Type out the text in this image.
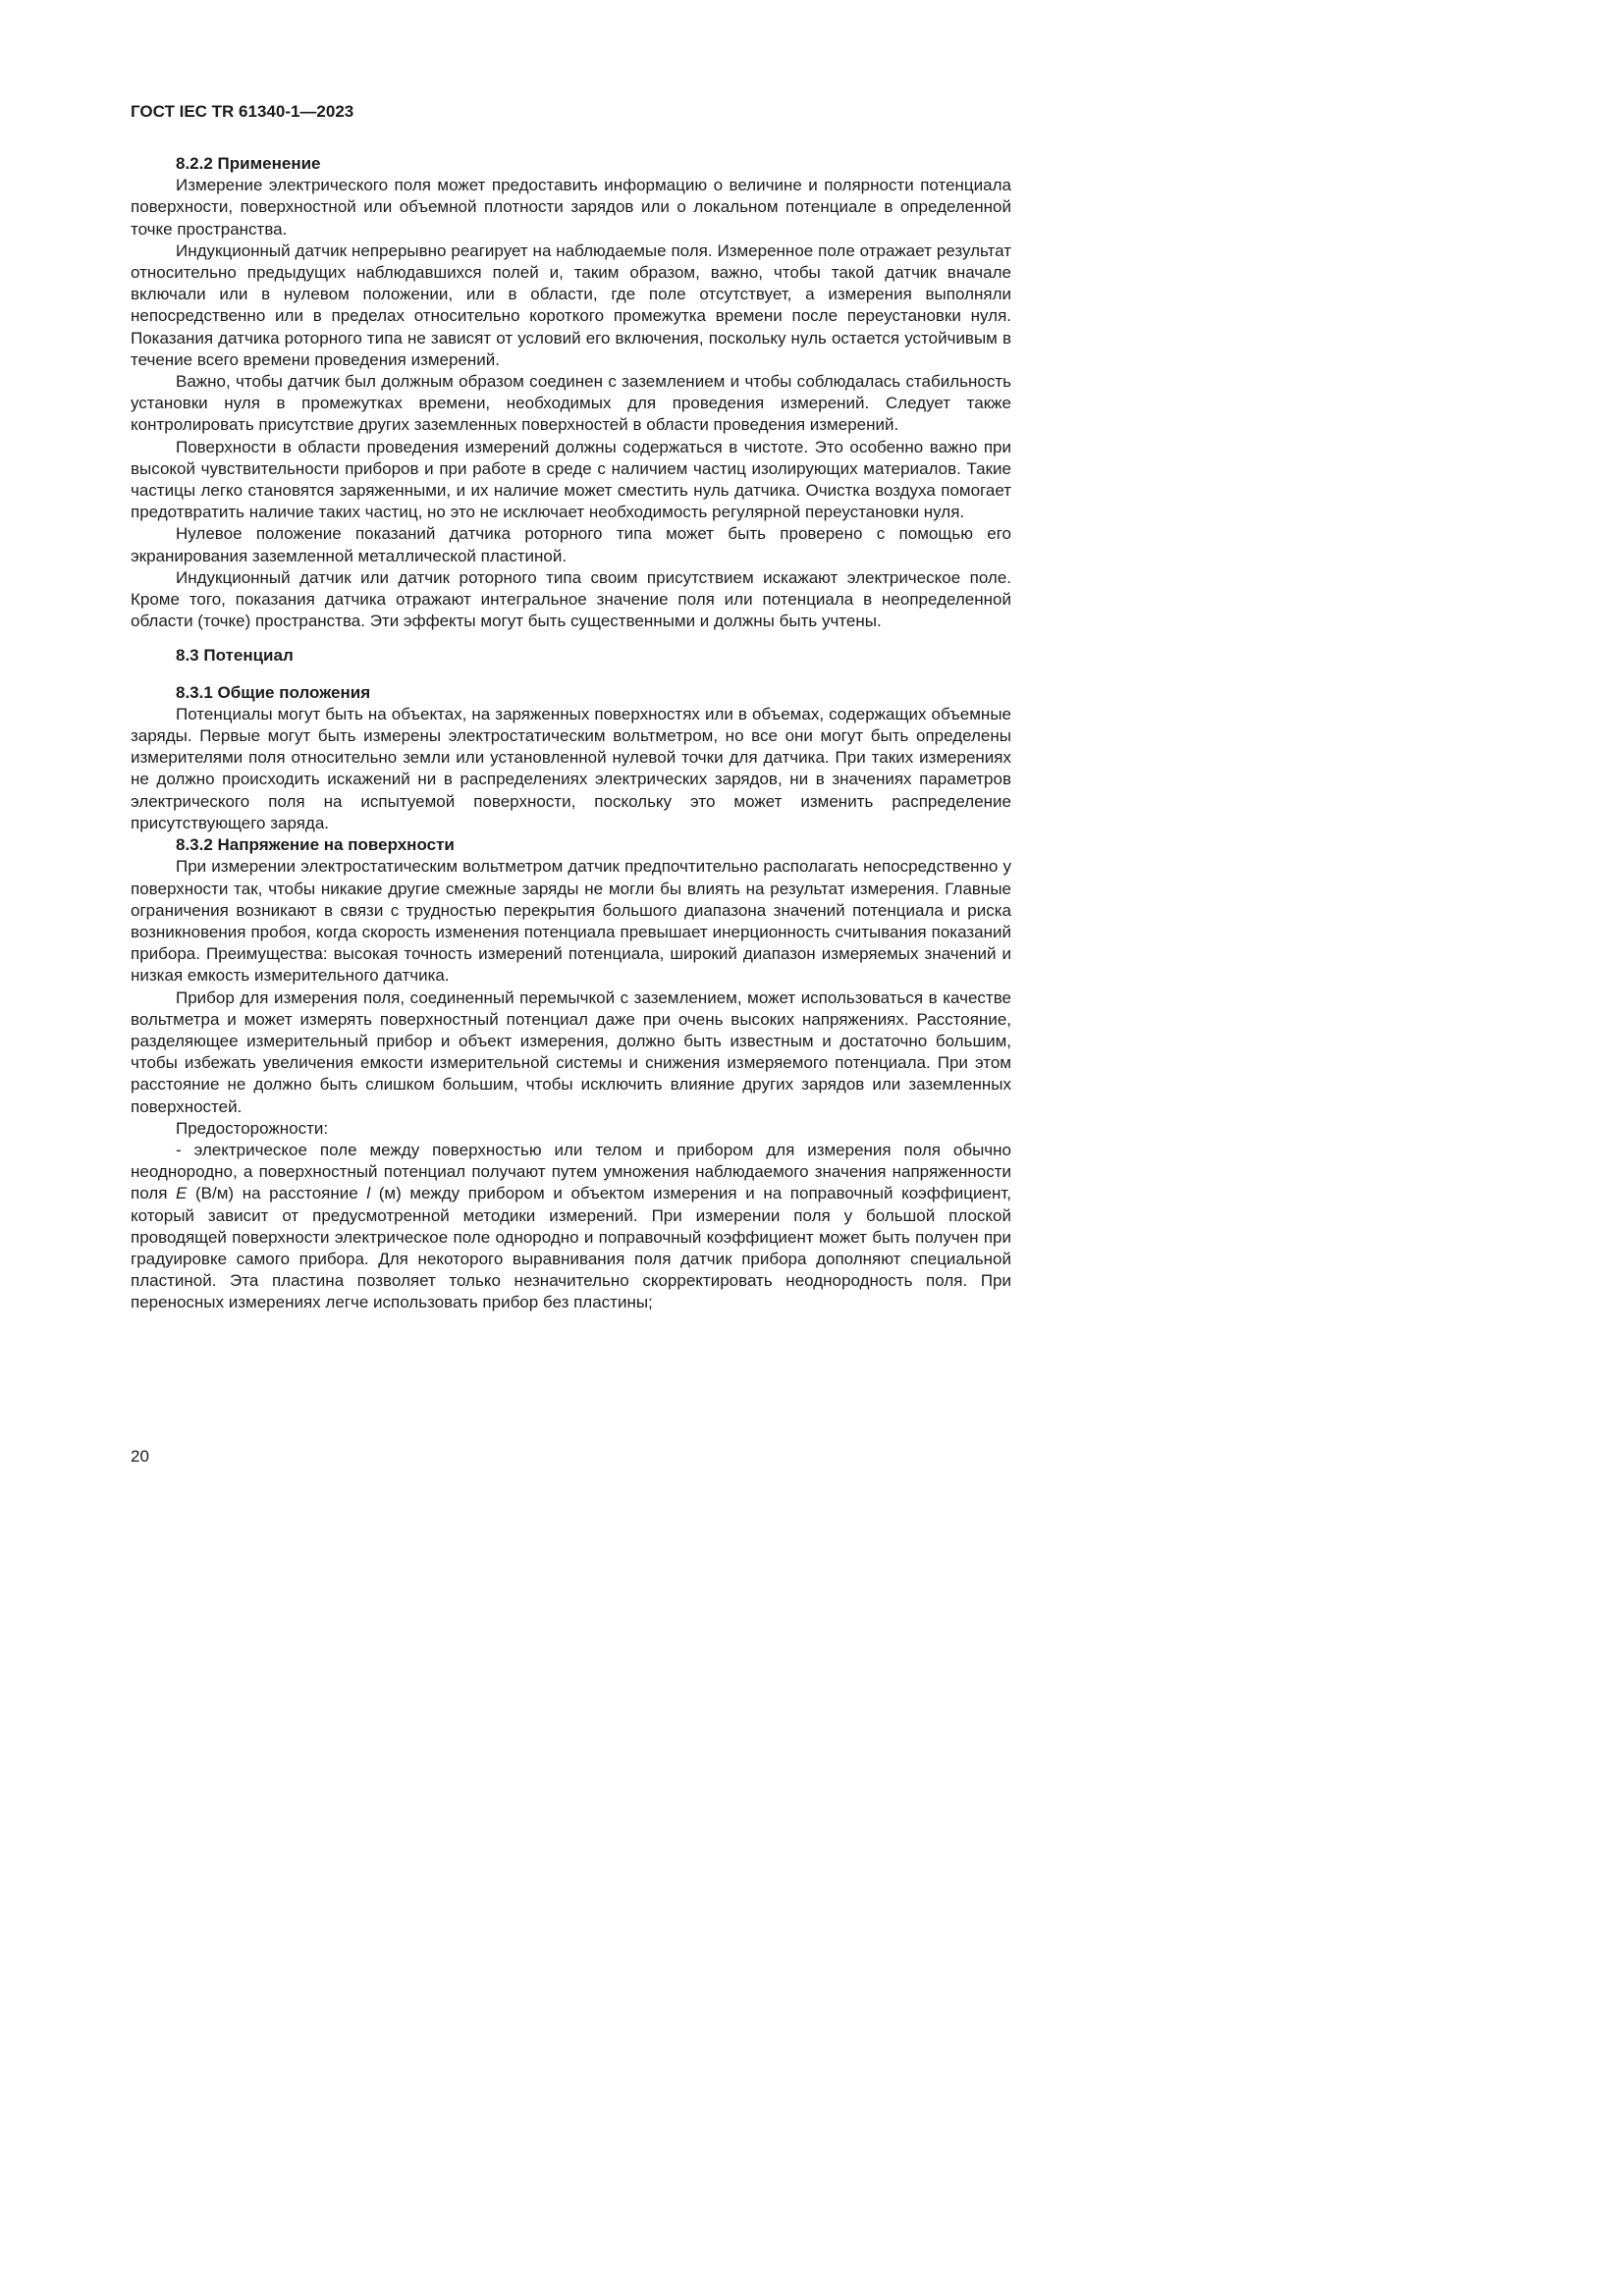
ГОСТ IEC TR 61340-1—2023

8.2.2 Применение

Измерение электрического поля может предоставить информацию о величине и полярности потенциала поверхности, поверхностной или объемной плотности зарядов или о локальном потенциале в определенной точке пространства.

Индукционный датчик непрерывно реагирует на наблюдаемые поля. Измеренное поле отражает результат относительно предыдущих наблюдавшихся полей и, таким образом, важно, чтобы такой датчик вначале включали или в нулевом положении, или в области, где поле отсутствует, а измерения выполняли непосредственно или в пределах относительно короткого промежутка времени после переустановки нуля. Показания датчика роторного типа не зависят от условий его включения, поскольку нуль остается устойчивым в течение всего времени проведения измерений.

Важно, чтобы датчик был должным образом соединен с заземлением и чтобы соблюдалась стабильность установки нуля в промежутках времени, необходимых для проведения измерений. Следует также контролировать присутствие других заземленных поверхностей в области проведения измерений.

Поверхности в области проведения измерений должны содержаться в чистоте. Это особенно важно при высокой чувствительности приборов и при работе в среде с наличием частиц изолирующих материалов. Такие частицы легко становятся заряженными, и их наличие может сместить нуль датчика. Очистка воздуха помогает предотвратить наличие таких частиц, но это не исключает необходимость регулярной переустановки нуля.

Нулевое положение показаний датчика роторного типа может быть проверено с помощью его экранирования заземленной металлической пластиной.

Индукционный датчик или датчик роторного типа своим присутствием искажают электрическое поле. Кроме того, показания датчика отражают интегральное значение поля или потенциала в неопределенной области (точке) пространства. Эти эффекты могут быть существенными и должны быть учтены.

8.3 Потенциал

8.3.1 Общие положения

Потенциалы могут быть на объектах, на заряженных поверхностях или в объемах, содержащих объемные заряды. Первые могут быть измерены электростатическим вольтметром, но все они могут быть определены измерителями поля относительно земли или установленной нулевой точки для датчика. При таких измерениях не должно происходить искажений ни в распределениях электрических зарядов, ни в значениях параметров электрического поля на испытуемой поверхности, поскольку это может изменить распределение присутствующего заряда.

8.3.2 Напряжение на поверхности

При измерении электростатическим вольтметром датчик предпочтительно располагать непосредственно у поверхности так, чтобы никакие другие смежные заряды не могли бы влиять на результат измерения. Главные ограничения возникают в связи с трудностью перекрытия большого диапазона значений потенциала и риска возникновения пробоя, когда скорость изменения потенциала превышает инерционность считывания показаний прибора. Преимущества: высокая точность измерений потенциала, широкий диапазон измеряемых значений и низкая емкость измерительного датчика.

Прибор для измерения поля, соединенный перемычкой с заземлением, может использоваться в качестве вольтметра и может измерять поверхностный потенциал даже при очень высоких напряжениях. Расстояние, разделяющее измерительный прибор и объект измерения, должно быть известным и достаточно большим, чтобы избежать увеличения емкости измерительной системы и снижения измеряемого потенциала. При этом расстояние не должно быть слишком большим, чтобы исключить влияние других зарядов или заземленных поверхностей.

Предосторожности:

- электрическое поле между поверхностью или телом и прибором для измерения поля обычно неоднородно, а поверхностный потенциал получают путем умножения наблюдаемого значения напряженности поля E (В/м) на расстояние l (м) между прибором и объектом измерения и на поправочный коэффициент, который зависит от предусмотренной методики измерений. При измерении поля у большой плоской проводящей поверхности электрическое поле однородно и поправочный коэффициент может быть получен при градуировке самого прибора. Для некоторого выравнивания поля датчик прибора дополняют специальной пластиной. Эта пластина позволяет только незначительно скорректировать неоднородность поля. При переносных измерениях легче использовать прибор без пластины;

20
